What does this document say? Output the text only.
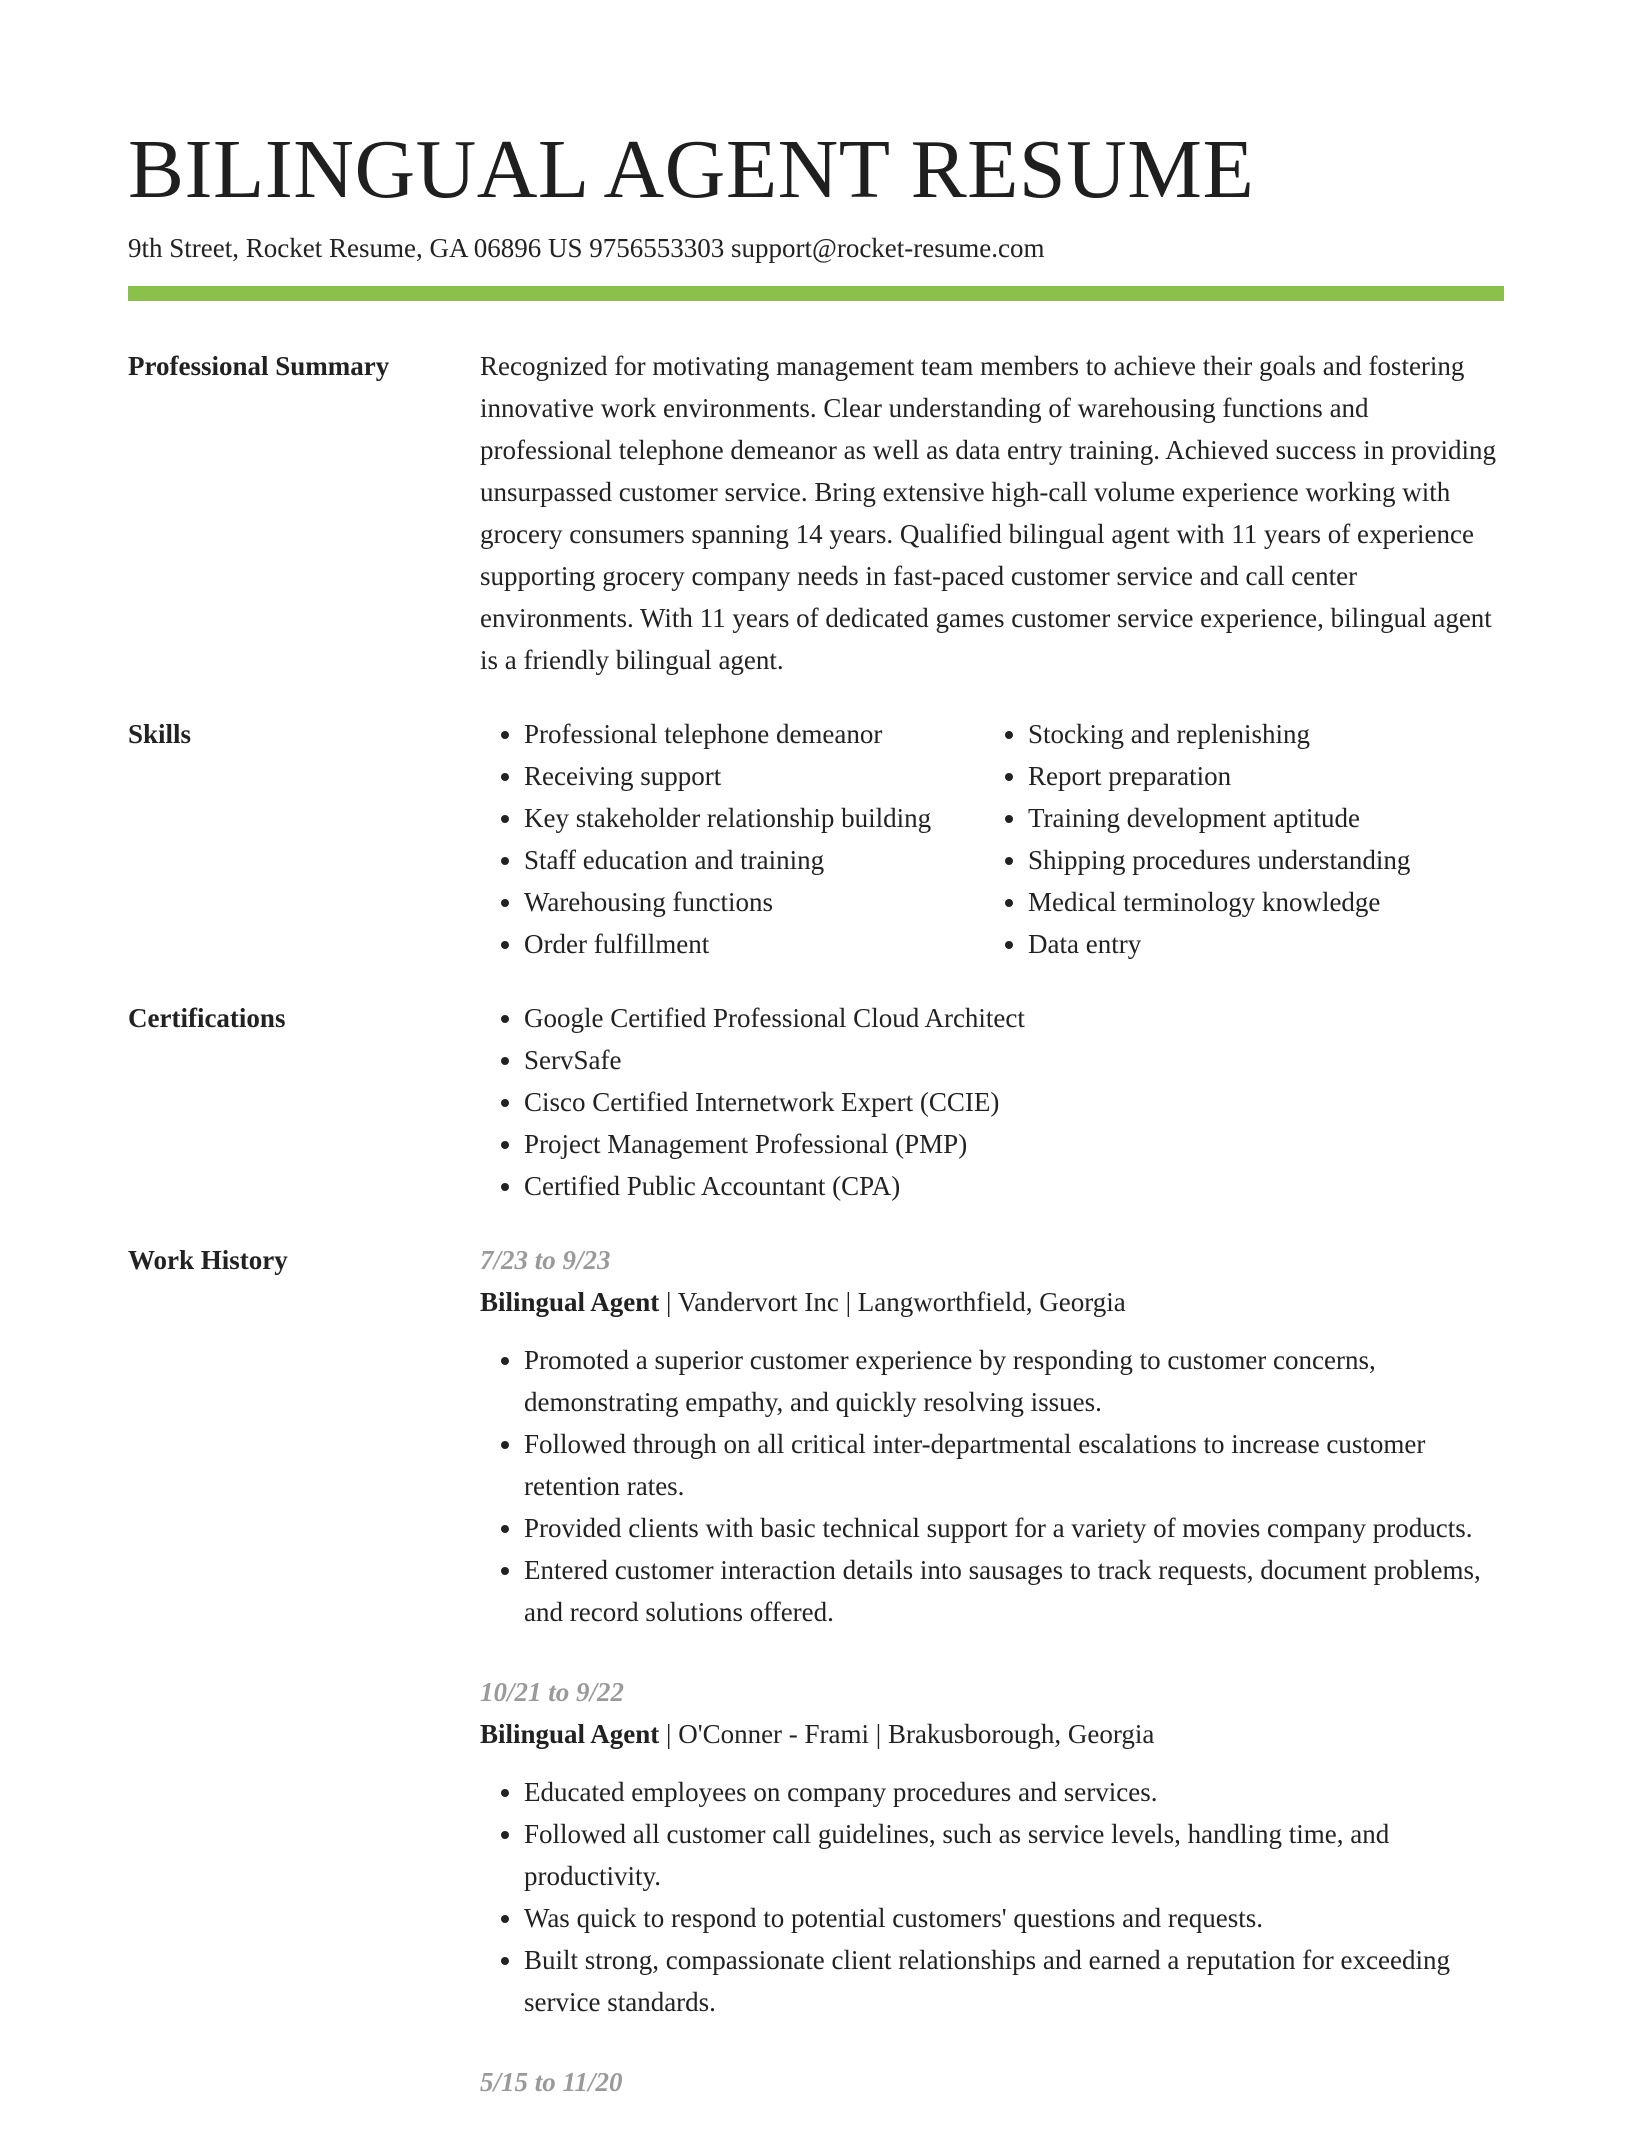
BILINGUAL AGENT RESUME
9th Street, Rocket Resume, GA 06896 US 9756553303 support@rocket-resume.com
Professional Summary	Recognized for motivating management team members to achieve their goals and fostering innovative work environments. Clear understanding of warehousing functions and professional telephone demeanor as well as data entry training. Achieved success in providing unsurpassed customer service. Bring extensive high-call volume experience working with grocery consumers spanning 14 years. Qualified bilingual agent with 11 years of experience supporting grocery company needs in fast-paced customer service and call center environments. With 11 years of dedicated games customer service experience, bilingual agent is a friendly bilingual agent.

Skills	• Professional telephone demeanor
• Receiving support
• Key stakeholder relationship building
• Staff education and training
• Warehousing functions
• Order fulfillment
• Stocking and replenishing
• Report preparation
• Training development aptitude
• Shipping procedures understanding
• Medical terminology knowledge
• Data entry
Certifications	• Google Certified Professional Cloud Architect
• ServSafe
• Cisco Certified Internetwork Expert (CCIE)
• Project Management Professional (PMP)
• Certified Public Accountant (CPA)
Work History	7/23 to 9/23

Bilingual Agent | Vandervort Inc | Langworthfield, Georgia

• Promoted a superior customer experience by responding to customer concerns, demonstrating empathy, and quickly resolving issues.
• Followed through on all critical inter-departmental escalations to increase customer retention rates.
• Provided clients with basic technical support for a variety of movies company products.
• Entered customer interaction details into sausages to track requests, document problems, and record solutions offered.

10/21 to 9/22

Bilingual Agent | O'Conner - Frami | Brakusborough, Georgia

• Educated employees on company procedures and services.
• Followed all customer call guidelines, such as service levels, handling time, and productivity.
• Was quick to respond to potential customers' questions and requests.
• Built strong, compassionate client relationships and earned a reputation for exceeding service standards.

5/15 to 11/20
